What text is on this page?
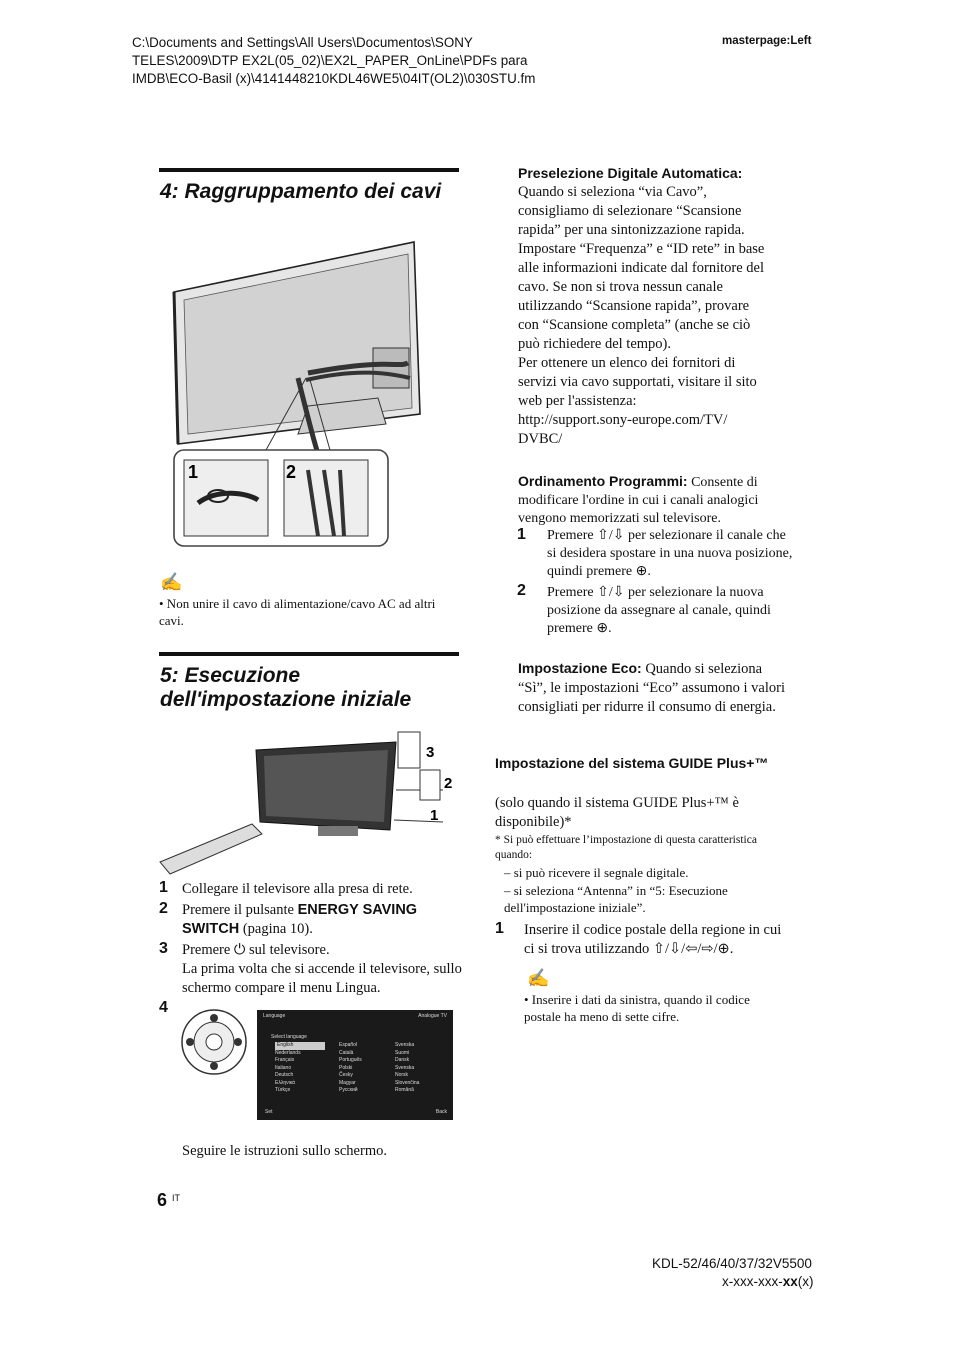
C:\Documents and Settings\All Users\Documentos\SONY
TELES\2009\DTP EX2L(05_02)\EX2L_PAPER_OnLine\PDFs para
IMDB\ECO-Basil (x)\4141448210KDL46WE5\04IT(OL2)\030STU.fm
masterpage:Left
4: Raggruppamento dei cavi
1	2
✍
• Non unire il cavo di alimentazione/cavo AC ad altri cavi.
5: Esecuzione
dell'impostazione iniziale
3
2
1
1 Collegare il televisore alla presa di rete.
2 Premere il pulsante ENERGY SAVING SWITCH (pagina 10).
3 Premere ⏻ sul televisore.
La prima volta che si accende il televisore, sullo schermo compare il menu Lingua.
4	Language	Analogue TV
Select language
English
Nederlands
Français
Italiano
Deutsch
Ελληνικά
Türkçe
Español
Català
Português
Polski
Česky
Magyar
Русский
Svenska
Suomi
Dansk
Svenska
Norsk
Slovenčina
Română
Set	Back
Seguire le istruzioni sullo schermo.
Preselezione Digitale Automatica:
Quando si seleziona “via Cavo”,
consigliamo di selezionare “Scansione
rapida” per una sintonizzazione rapida.
Impostare “Frequenza” e “ID rete” in base
alle informazioni indicate dal fornitore del
cavo. Se non si trova nessun canale
utilizzando “Scansione rapida”, provare
con “Scansione completa” (anche se ciò
può richiedere del tempo).
Per ottenere un elenco dei fornitori di
servizi via cavo supportati, visitare il sito
web per l'assistenza:
http://support.sony-europe.com/TV/
DVBC/
Ordinamento Programmi: Consente di modificare l'ordine in cui i canali analogici vengono memorizzati sul televisore.
1 Premere ⇧/⇩ per selezionare il canale che si desidera spostare in una nuova posizione, quindi premere ⊕.
2 Premere ⇧/⇩ per selezionare la nuova posizione da assegnare al canale, quindi premere ⊕.
Impostazione Eco: Quando si seleziona “Sì”, le impostazioni “Eco” assumono i valori consigliati per ridurre il consumo di energia.
Impostazione del sistema GUIDE Plus+™
(solo quando il sistema GUIDE Plus+™ è disponibile)*
* Si può effettuare l’impostazione di questa caratteristica quando:
– si può ricevere il segnale digitale.
– si seleziona “Antenna” in “5: Esecuzione dell'impostazione iniziale”.
1 Inserire il codice postale della regione in cui ci si trova utilizzando ⇧/⇩/⇦/⇨/⊕.
✍
• Inserire i dati da sinistra, quando il codice postale ha meno di sette cifre.
6 IT
KDL-52/46/40/37/32V5500
x-xxx-xxx-xx(x)
